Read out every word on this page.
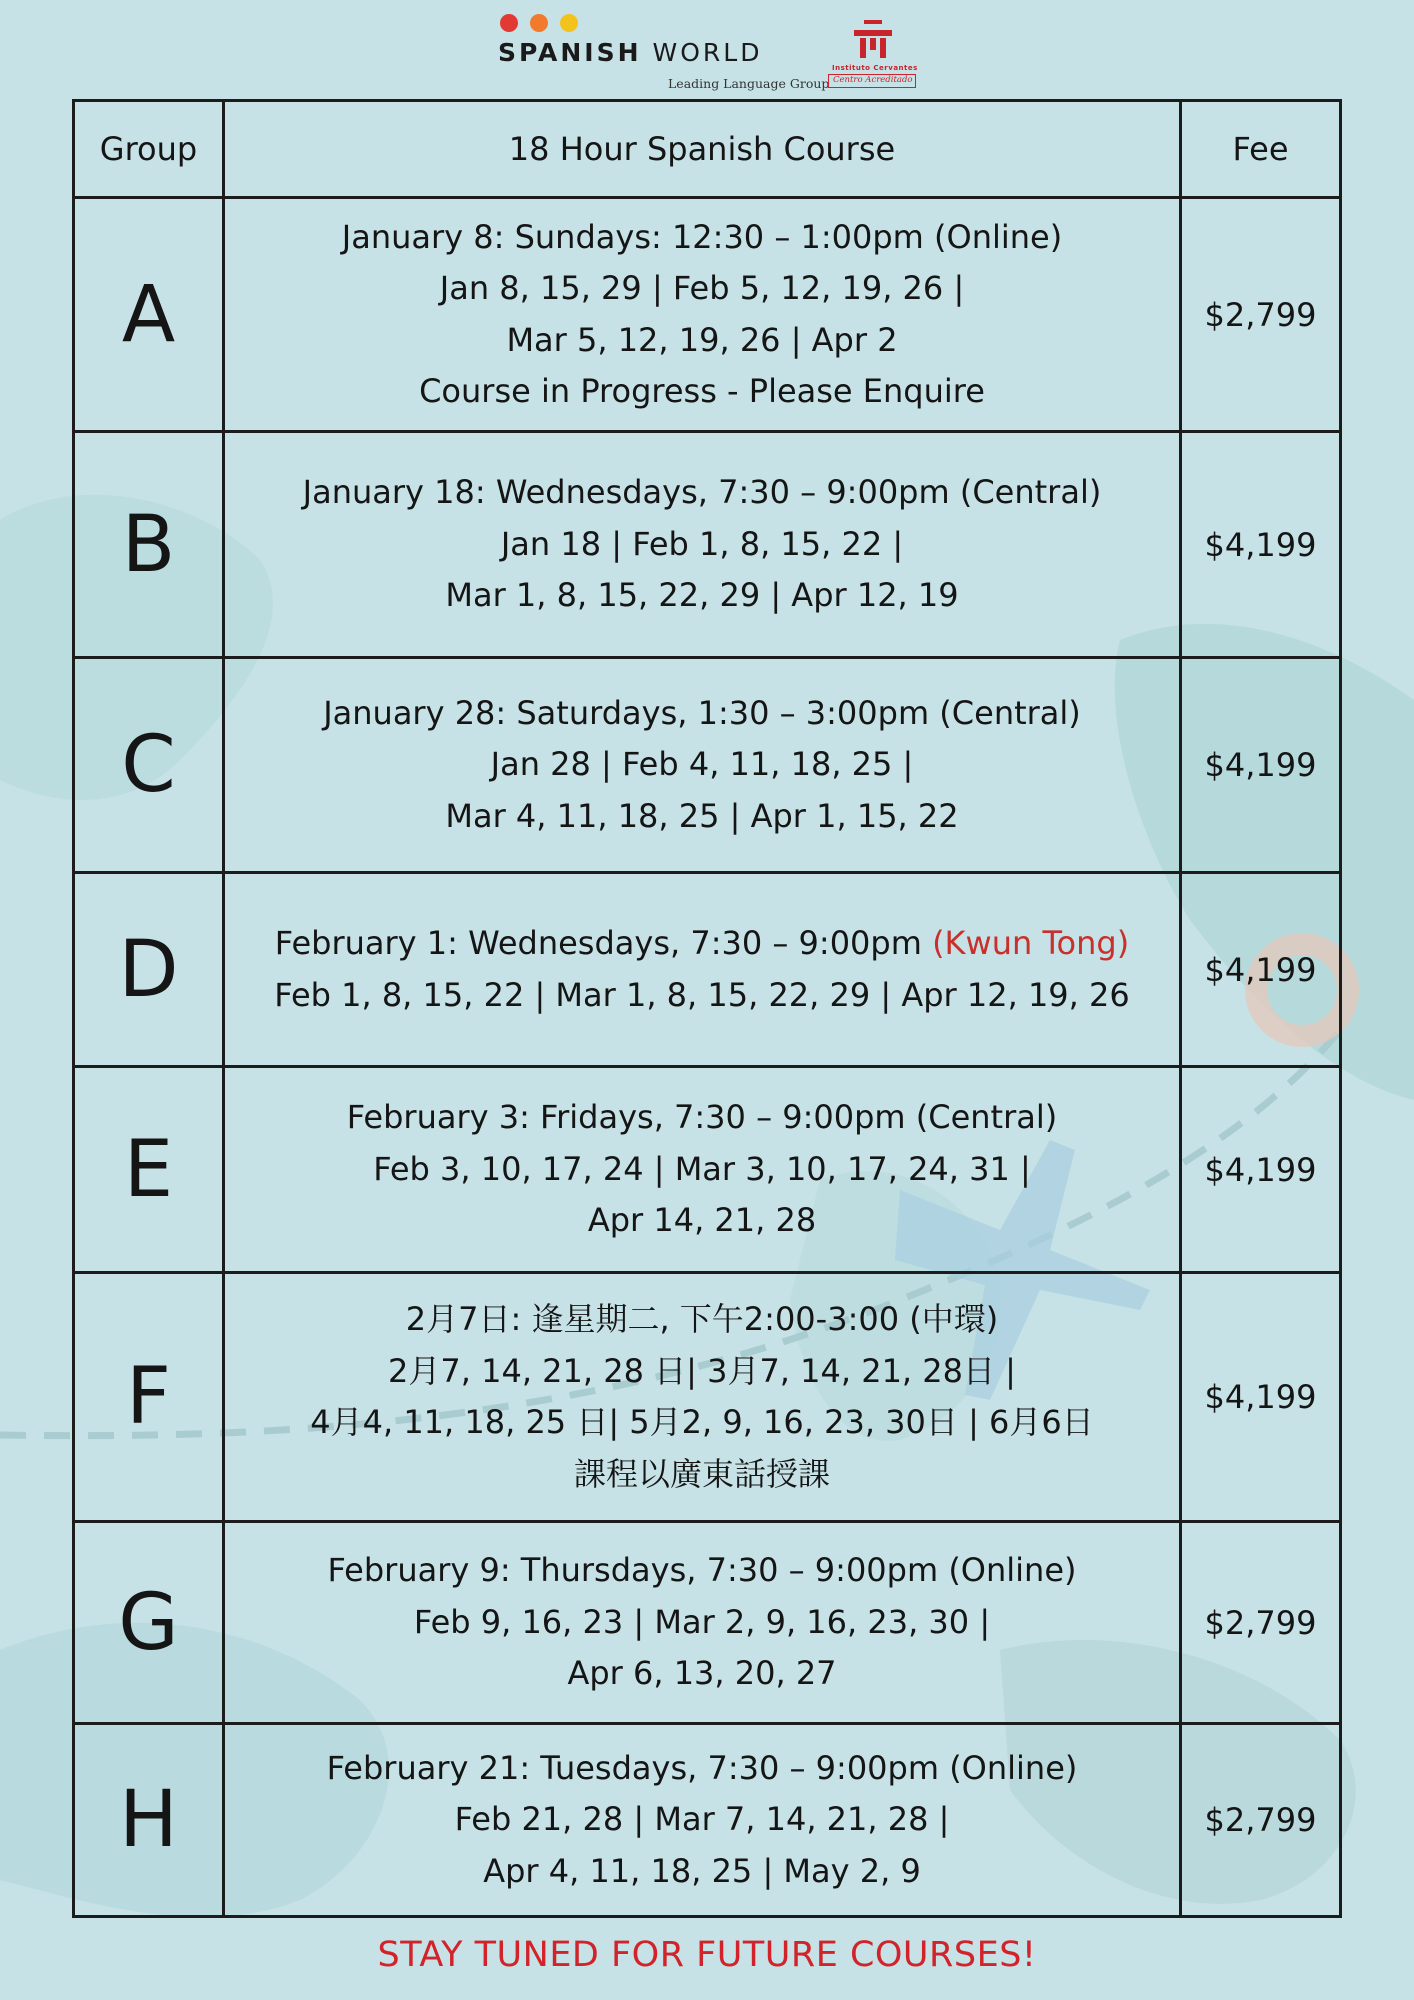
SPANISH WORLD
Leading Language Group
Instituto Cervantes
Centro Acreditado
Group	18 Hour Spanish Course	Fee

A	January 8: Sundays: 12:30 – 1:00pm (Online)
Jan 8, 15, 29 | Feb 5, 12, 19, 26 |
Mar 5, 12, 19, 26 | Apr 2
Course in Progress - Please Enquire	$2,799

B	January 18: Wednesdays, 7:30 – 9:00pm (Central)
Jan 18 | Feb 1, 8, 15, 22 |
Mar 1, 8, 15, 22, 29 | Apr 12, 19	$4,199

C	January 28: Saturdays, 1:30 – 3:00pm (Central)
Jan 28 | Feb 4, 11, 18, 25 |
Mar 4, 11, 18, 25 | Apr 1, 15, 22	$4,199

D	February 1: Wednesdays, 7:30 – 9:00pm (Kwun Tong)
Feb 1, 8, 15, 22 | Mar 1, 8, 15, 22, 29 | Apr 12, 19, 26	$4,199

E	February 3: Fridays, 7:30 – 9:00pm (Central)
Feb 3, 10, 17, 24 | Mar 3, 10, 17, 24, 31 |
Apr 14, 21, 28	$4,199

F	2月7日: 逢星期二, 下午2:00-3:00 (中環)
2月7, 14, 21, 28 日| 3月7, 14, 21, 28日 |
4月4, 11, 18, 25 日| 5月2, 9, 16, 23, 30日 | 6月6日
課程以廣東話授課	$4,199

G	February 9: Thursdays, 7:30 – 9:00pm (Online)
Feb 9, 16, 23 | Mar 2, 9, 16, 23, 30 |
Apr 6, 13, 20, 27	$2,799

H	February 21: Tuesdays, 7:30 – 9:00pm (Online)
Feb 21, 28 | Mar 7, 14, 21, 28 |
Apr 4, 11, 18, 25 | May 2, 9	$2,799
STAY TUNED FOR FUTURE COURSES!
